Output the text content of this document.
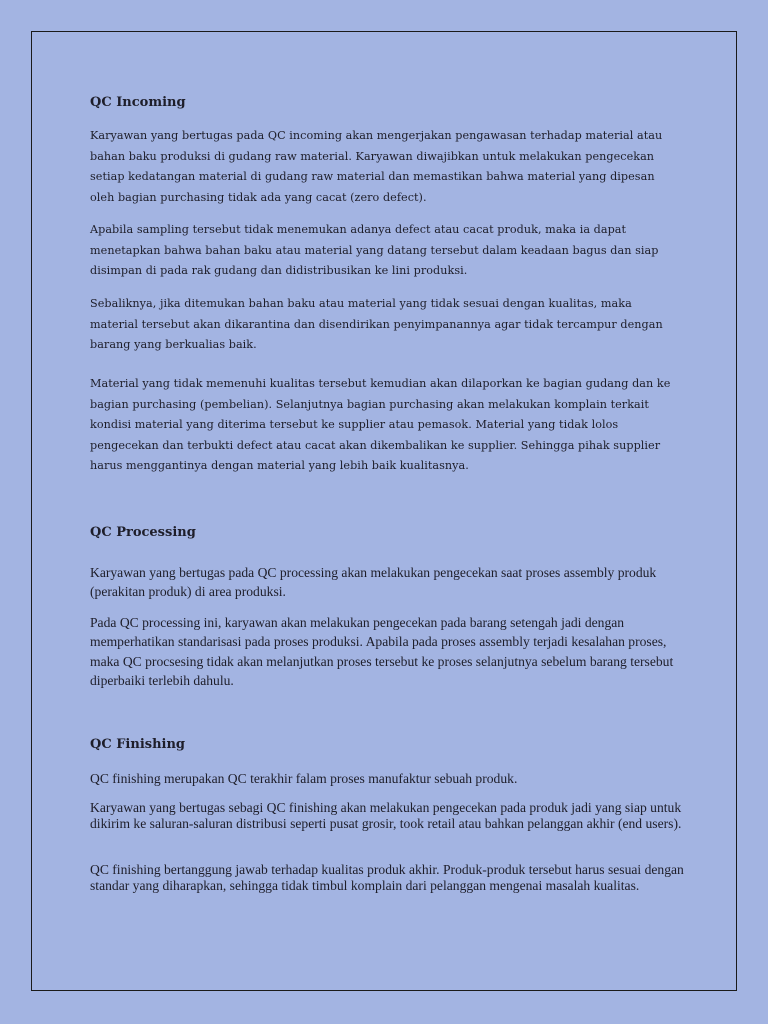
QC Incoming

Karyawan yang bertugas pada QC incoming akan mengerjakan pengawasan terhadap material atau bahan baku produksi di gudang raw material. Karyawan diwajibkan untuk melakukan pengecekan setiap kedatangan material di gudang raw material dan memastikan bahwa material yang dipesan oleh bagian purchasing tidak ada yang cacat (zero defect).

Apabila sampling tersebut tidak menemukan adanya defect atau cacat produk, maka ia dapat menetapkan bahwa bahan baku atau material yang datang tersebut dalam keadaan bagus dan siap disimpan di pada rak gudang dan didistribusikan ke lini produksi.

Sebaliknya, jika ditemukan bahan baku atau material yang tidak sesuai dengan kualitas, maka material tersebut akan dikarantina dan disendirikan penyimpanannya agar tidak tercampur dengan barang yang berkualias baik.

Material yang tidak memenuhi kualitas tersebut kemudian akan dilaporkan ke bagian gudang dan ke bagian purchasing (pembelian). Selanjutnya bagian purchasing akan melakukan komplain terkait kondisi material yang diterima tersebut ke supplier atau pemasok. Material yang tidak lolos pengecekan dan terbukti defect atau cacat akan dikembalikan ke supplier. Sehingga pihak supplier harus menggantinya dengan material yang lebih baik kualitasnya.

QC Processing

Karyawan yang bertugas pada QC processing akan melakukan pengecekan saat proses assembly produk (perakitan produk) di area produksi.

Pada QC processing ini, karyawan akan melakukan pengecekan pada barang setengah jadi dengan memperhatikan standarisasi pada proses produksi. Apabila pada proses assembly terjadi kesalahan proses, maka QC procsesing tidak akan melanjutkan proses tersebut ke proses selanjutnya sebelum barang tersebut diperbaiki terlebih dahulu.

QC Finishing

QC finishing merupakan QC terakhir falam proses manufaktur sebuah produk.

Karyawan yang bertugas sebagi QC finishing akan melakukan pengecekan pada produk jadi yang siap untuk dikirim ke saluran-saluran distribusi seperti pusat grosir, took retail atau bahkan pelanggan akhir (end users).

QC finishing bertanggung jawab terhadap kualitas produk akhir. Produk-produk tersebut harus sesuai dengan standar yang diharapkan, sehingga tidak timbul komplain dari pelanggan mengenai masalah kualitas.
